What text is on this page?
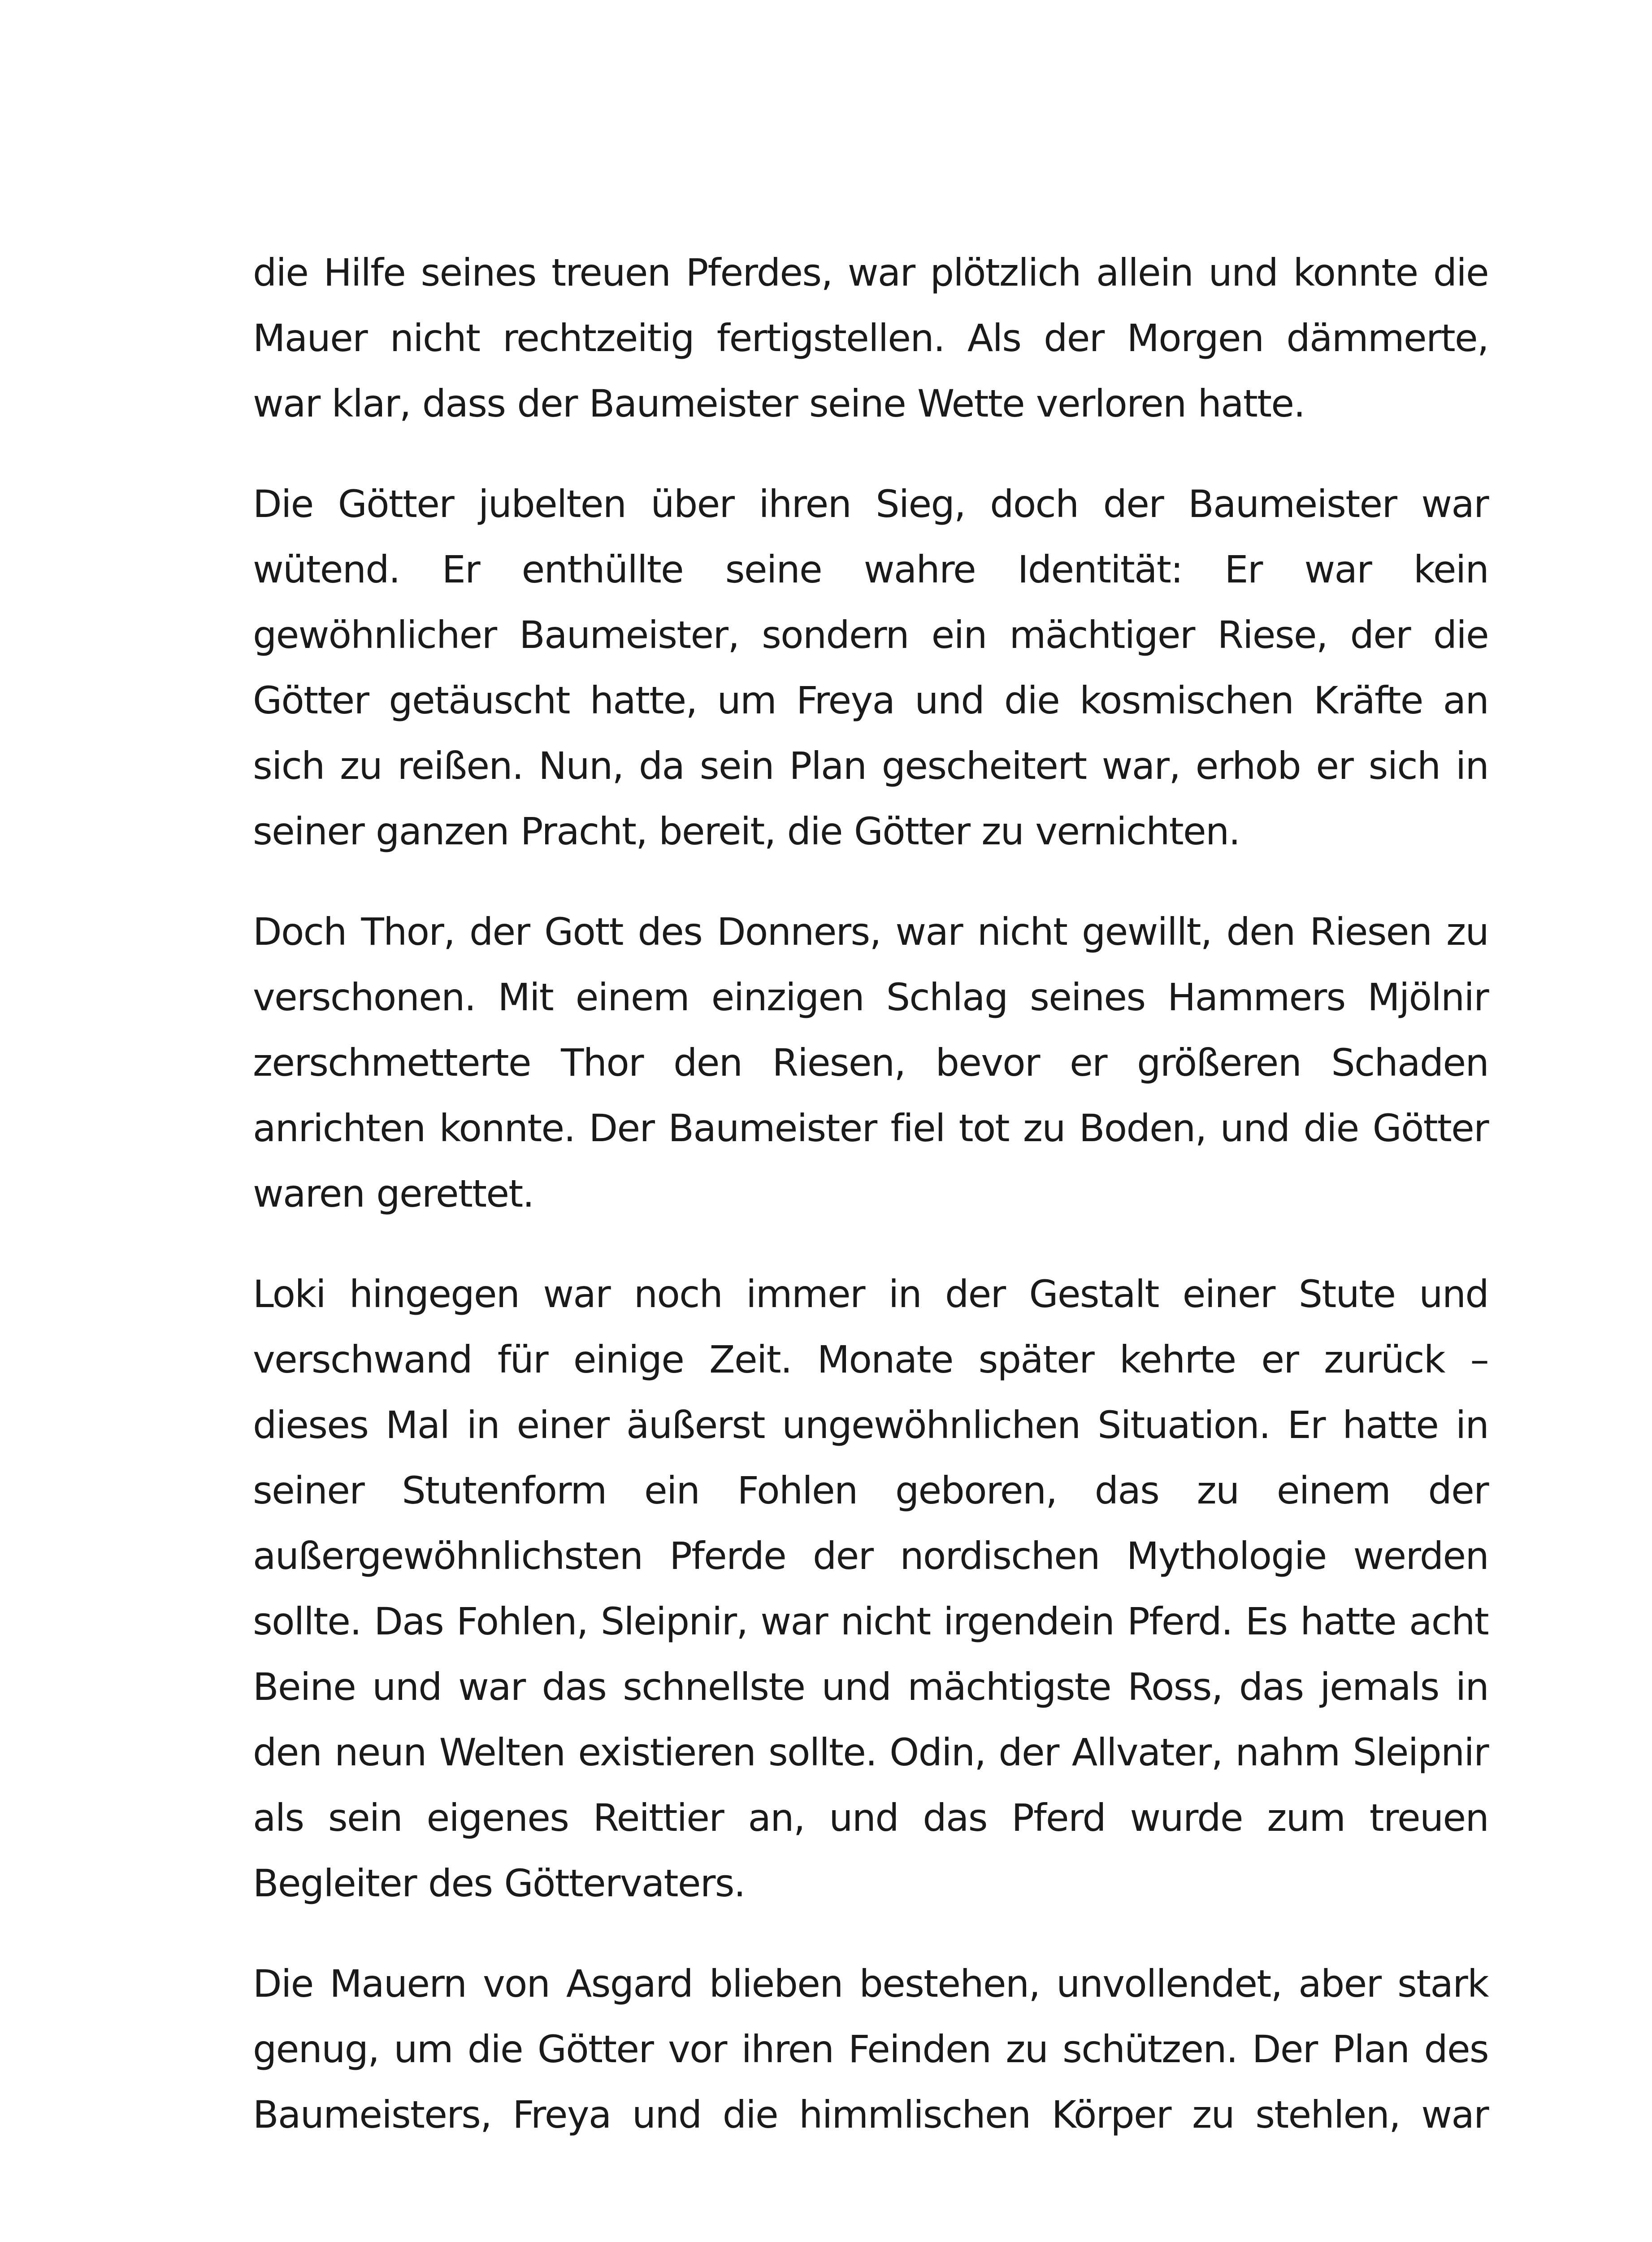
die Hilfe seines treuen Pferdes, war plötzlich allein und konnte die Mauer nicht rechtzeitig fertigstellen. Als der Morgen dämmerte, war klar, dass der Baumeister seine Wette verloren hatte.

Die Götter jubelten über ihren Sieg, doch der Baumeister war wütend. Er enthüllte seine wahre Identität: Er war kein gewöhnlicher Baumeister, sondern ein mächtiger Riese, der die Götter getäuscht hatte, um Freya und die kosmischen Kräfte an sich zu reißen. Nun, da sein Plan gescheitert war, erhob er sich in seiner ganzen Pracht, bereit, die Götter zu vernichten.

Doch Thor, der Gott des Donners, war nicht gewillt, den Riesen zu verschonen. Mit einem einzigen Schlag seines Hammers Mjölnir zerschmetterte Thor den Riesen, bevor er größeren Schaden anrichten konnte. Der Baumeister fiel tot zu Boden, und die Götter waren gerettet.

Loki hingegen war noch immer in der Gestalt einer Stute und verschwand für einige Zeit. Monate später kehrte er zurück – dieses Mal in einer äußerst ungewöhnlichen Situation. Er hatte in seiner Stutenform ein Fohlen geboren, das zu einem der außergewöhnlichsten Pferde der nordischen Mythologie werden sollte. Das Fohlen, Sleipnir, war nicht irgendein Pferd. Es hatte acht Beine und war das schnellste und mächtigste Ross, das jemals in den neun Welten existieren sollte. Odin, der Allvater, nahm Sleipnir als sein eigenes Reittier an, und das Pferd wurde zum treuen Begleiter des Göttervaters.

Die Mauern von Asgard blieben bestehen, unvollendet, aber stark genug, um die Götter vor ihren Feinden zu schützen. Der Plan des Baumeisters, Freya und die himmlischen Körper zu stehlen, war
